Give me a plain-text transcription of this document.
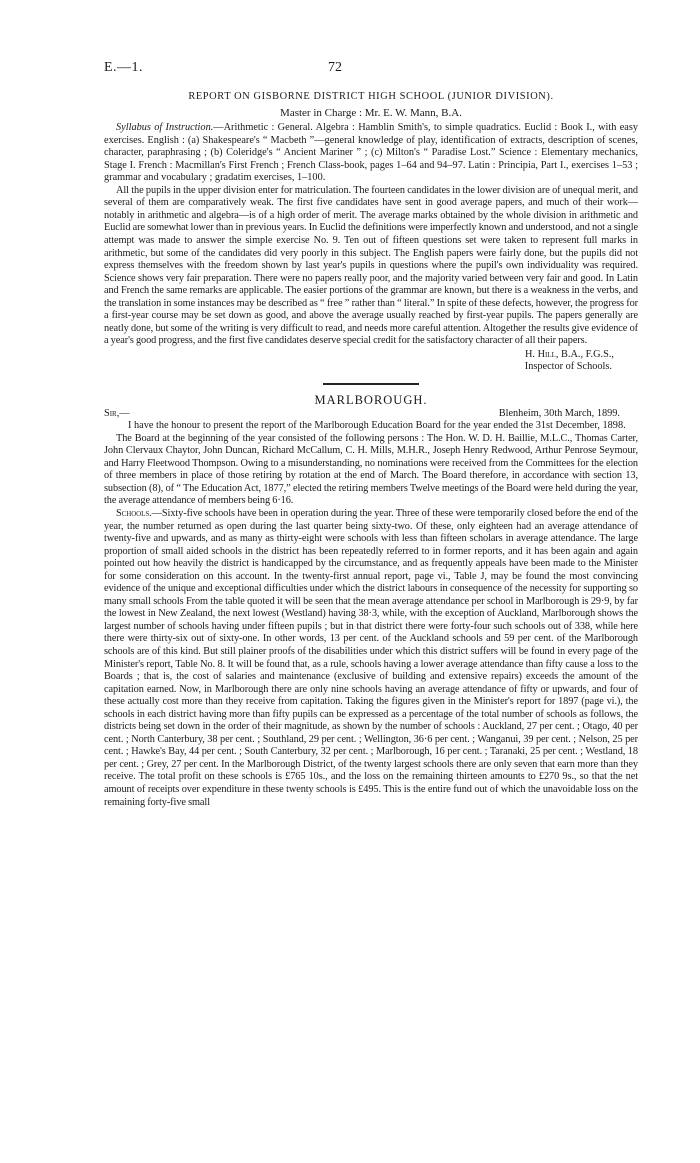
E.—1.	72
REPORT ON GISBORNE DISTRICT HIGH SCHOOL (JUNIOR DIVISION).
Master in Charge : Mr. E. W. Mann, B.A.

Syllabus of Instruction.—Arithmetic : General. Algebra : Hamblin Smith's, to simple quadratics. Euclid : Book I., with easy exercises. English : (a) Shakespeare's “ Macbeth ”—general knowledge of play, identification of extracts, description of scenes, character, paraphrasing ; (b) Coleridge's “ Ancient Mariner ” ; (c) Milton's “ Paradise Lost.” Science : Elementary mechanics, Stage I. French : Macmillan's First French ; French Class-book, pages 1–64 and 94–97. Latin : Principia, Part I., exercises 1–53 ; grammar and vocabulary ; gradatim exercises, 1–100.

All the pupils in the upper division enter for matriculation. The fourteen candidates in the lower division are of unequal merit, and several of them are comparatively weak. The first five candidates have sent in good average papers, and much of their work—notably in arithmetic and algebra—is of a high order of merit. The average marks obtained by the whole division in arithmetic and Euclid are somewhat lower than in previous years. In Euclid the definitions were imperfectly known and understood, and not a single attempt was made to answer the simple exercise No. 9. Ten out of fifteen questions set were taken to represent full marks in arithmetic, but some of the candidates did very poorly in this subject. The English papers were fairly done, but the pupils did not express themselves with the freedom shown by last year's pupils in questions where the pupil's own individuality was required. Science shows very fair preparation. There were no papers really poor, and the majority varied between very fair and good. In Latin and French the same remarks are applicable. The easier portions of the grammar are known, but there is a weakness in the verbs, and the translation in some instances may be described as “ free ” rather than “ literal.” In spite of these defects, however, the progress for a first-year course may be set down as good, and above the average usually reached by first-year pupils. The papers generally are neatly done, but some of the writing is very difficult to read, and needs more careful attention. Altogether the results give evidence of a year's good progress, and the first five candidates deserve special credit for the satisfactory character of all their papers.

H. Hill, B.A., F.G.S.,
Inspector of Schools.
MARLBOROUGH.
Sir,—	Blenheim, 30th March, 1899.

I have the honour to present the report of the Marlborough Education Board for the year ended the 31st December, 1898.

The Board at the beginning of the year consisted of the following persons : The Hon. W. D. H. Baillie, M.L.C., Thomas Carter, John Clervaux Chaytor, John Duncan, Richard McCallum, C. H. Mills, M.H.R., Joseph Henry Redwood, Arthur Penrose Seymour, and Harry Fleetwood Thompson. Owing to a misunderstanding, no nominations were received from the Committees for the election of three members in place of those retiring by rotation at the end of March. The Board therefore, in accordance with section 13, subsection (8), of “ The Education Act, 1877,” elected the retiring members Twelve meetings of the Board were held during the year, the average attendance of members being 6·16.

Schools.—Sixty-five schools have been in operation during the year. Three of these were temporarily closed before the end of the year, the number returned as open during the last quarter being sixty-two. Of these, only eighteen had an average attendance of twenty-five and upwards, and as many as thirty-eight were schools with less than fifteen scholars in average attendance. The large proportion of small aided schools in the district has been repeatedly referred to in former reports, and it has been again and again pointed out how heavily the district is handicapped by the circumstance, and as frequently appeals have been made to the Minister for some consideration on this account. In the twenty-first annual report, page vi., Table J, may be found the most convincing evidence of the unique and exceptional difficulties under which the district labours in consequence of the necessity for supporting so many small schools From the table quoted it will be seen that the mean average attendance per school in Marlborough is 29·9, by far the lowest in New Zealand, the next lowest (Westland) having 38·3, while, with the exception of Auckland, Marlborough shows the largest number of schools having under fifteen pupils ; but in that district there were forty-four such schools out of 338, while here there were thirty-six out of sixty-one. In other words, 13 per cent. of the Auckland schools and 59 per cent. of the Marlborough schools are of this kind. But still plainer proofs of the disabilities under which this district suffers will be found in every page of the Minister's report, Table No. 8. It will be found that, as a rule, schools having a lower average attendance than fifty cause a loss to the Boards ; that is, the cost of salaries and maintenance (exclusive of building and extensive repairs) exceeds the amount of the capitation earned. Now, in Marlborough there are only nine schools having an average attendance of fifty or upwards, and four of these actually cost more than they receive from capitation. Taking the figures given in the Minister's report for 1897 (page vi.), the schools in each district having more than fifty pupils can be expressed as a percentage of the total number of schools as follows, the districts being set down in the order of their magnitude, as shown by the number of schools : Auckland, 27 per cent. ; Otago, 40 per cent. ; North Canterbury, 38 per cent. ; Southland, 29 per cent. ; Wellington, 36·6 per cent. ; Wanganui, 39 per cent. ; Nelson, 25 per cent. ; Hawke's Bay, 44 per cent. ; South Canterbury, 32 per cent. ; Marlborough, 16 per cent. ; Taranaki, 25 per cent. ; Westland, 18 per cent. ; Grey, 27 per cent. In the Marlborough District, of the twenty largest schools there are only seven that earn more than they receive. The total profit on these schools is £765 10s., and the loss on the remaining thirteen amounts to £270 9s., so that the net amount of receipts over expenditure in these twenty schools is £495. This is the entire fund out of which the unavoidable loss on the remaining forty-five small
